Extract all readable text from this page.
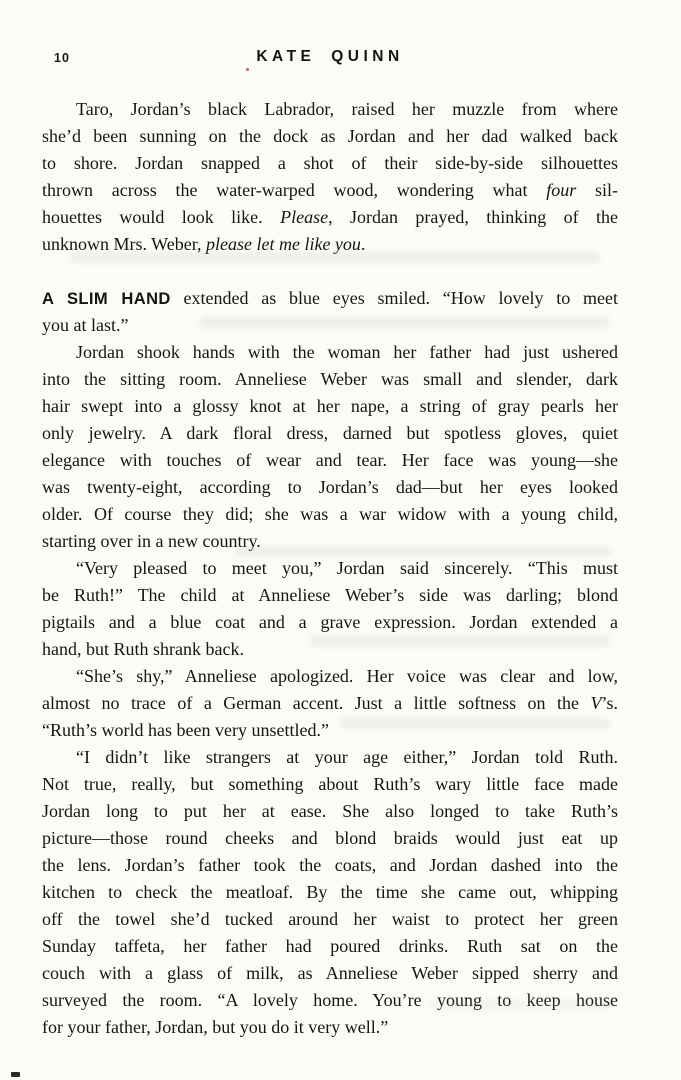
10	KATE QUINN

Taro, Jordan’s black Labrador, raised her muzzle from where
she’d been sunning on the dock as Jordan and her dad walked back
to shore. Jordan snapped a shot of their side-by-side silhouettes
thrown across the water-warped wood, wondering what four sil-
houettes would look like. Please, Jordan prayed, thinking of the
unknown Mrs. Weber, please let me like you.

A SLIM HAND extended as blue eyes smiled. “How lovely to meet
you at last.”

Jordan shook hands with the woman her father had just ushered
into the sitting room. Anneliese Weber was small and slender, dark
hair swept into a glossy knot at her nape, a string of gray pearls her
only jewelry. A dark floral dress, darned but spotless gloves, quiet
elegance with touches of wear and tear. Her face was young—she
was twenty-eight, according to Jordan’s dad—but her eyes looked
older. Of course they did; she was a war widow with a young child,
starting over in a new country.

“Very pleased to meet you,” Jordan said sincerely. “This must
be Ruth!” The child at Anneliese Weber’s side was darling; blond
pigtails and a blue coat and a grave expression. Jordan extended a
hand, but Ruth shrank back.

“She’s shy,” Anneliese apologized. Her voice was clear and low,
almost no trace of a German accent. Just a little softness on the V’s.
“Ruth’s world has been very unsettled.”

“I didn’t like strangers at your age either,” Jordan told Ruth.
Not true, really, but something about Ruth’s wary little face made
Jordan long to put her at ease. She also longed to take Ruth’s
picture—those round cheeks and blond braids would just eat up
the lens. Jordan’s father took the coats, and Jordan dashed into the
kitchen to check the meatloaf. By the time she came out, whipping
off the towel she’d tucked around her waist to protect her green
Sunday taffeta, her father had poured drinks. Ruth sat on the
couch with a glass of milk, as Anneliese Weber sipped sherry and
surveyed the room. “A lovely home. You’re young to keep house
for your father, Jordan, but you do it very well.”
